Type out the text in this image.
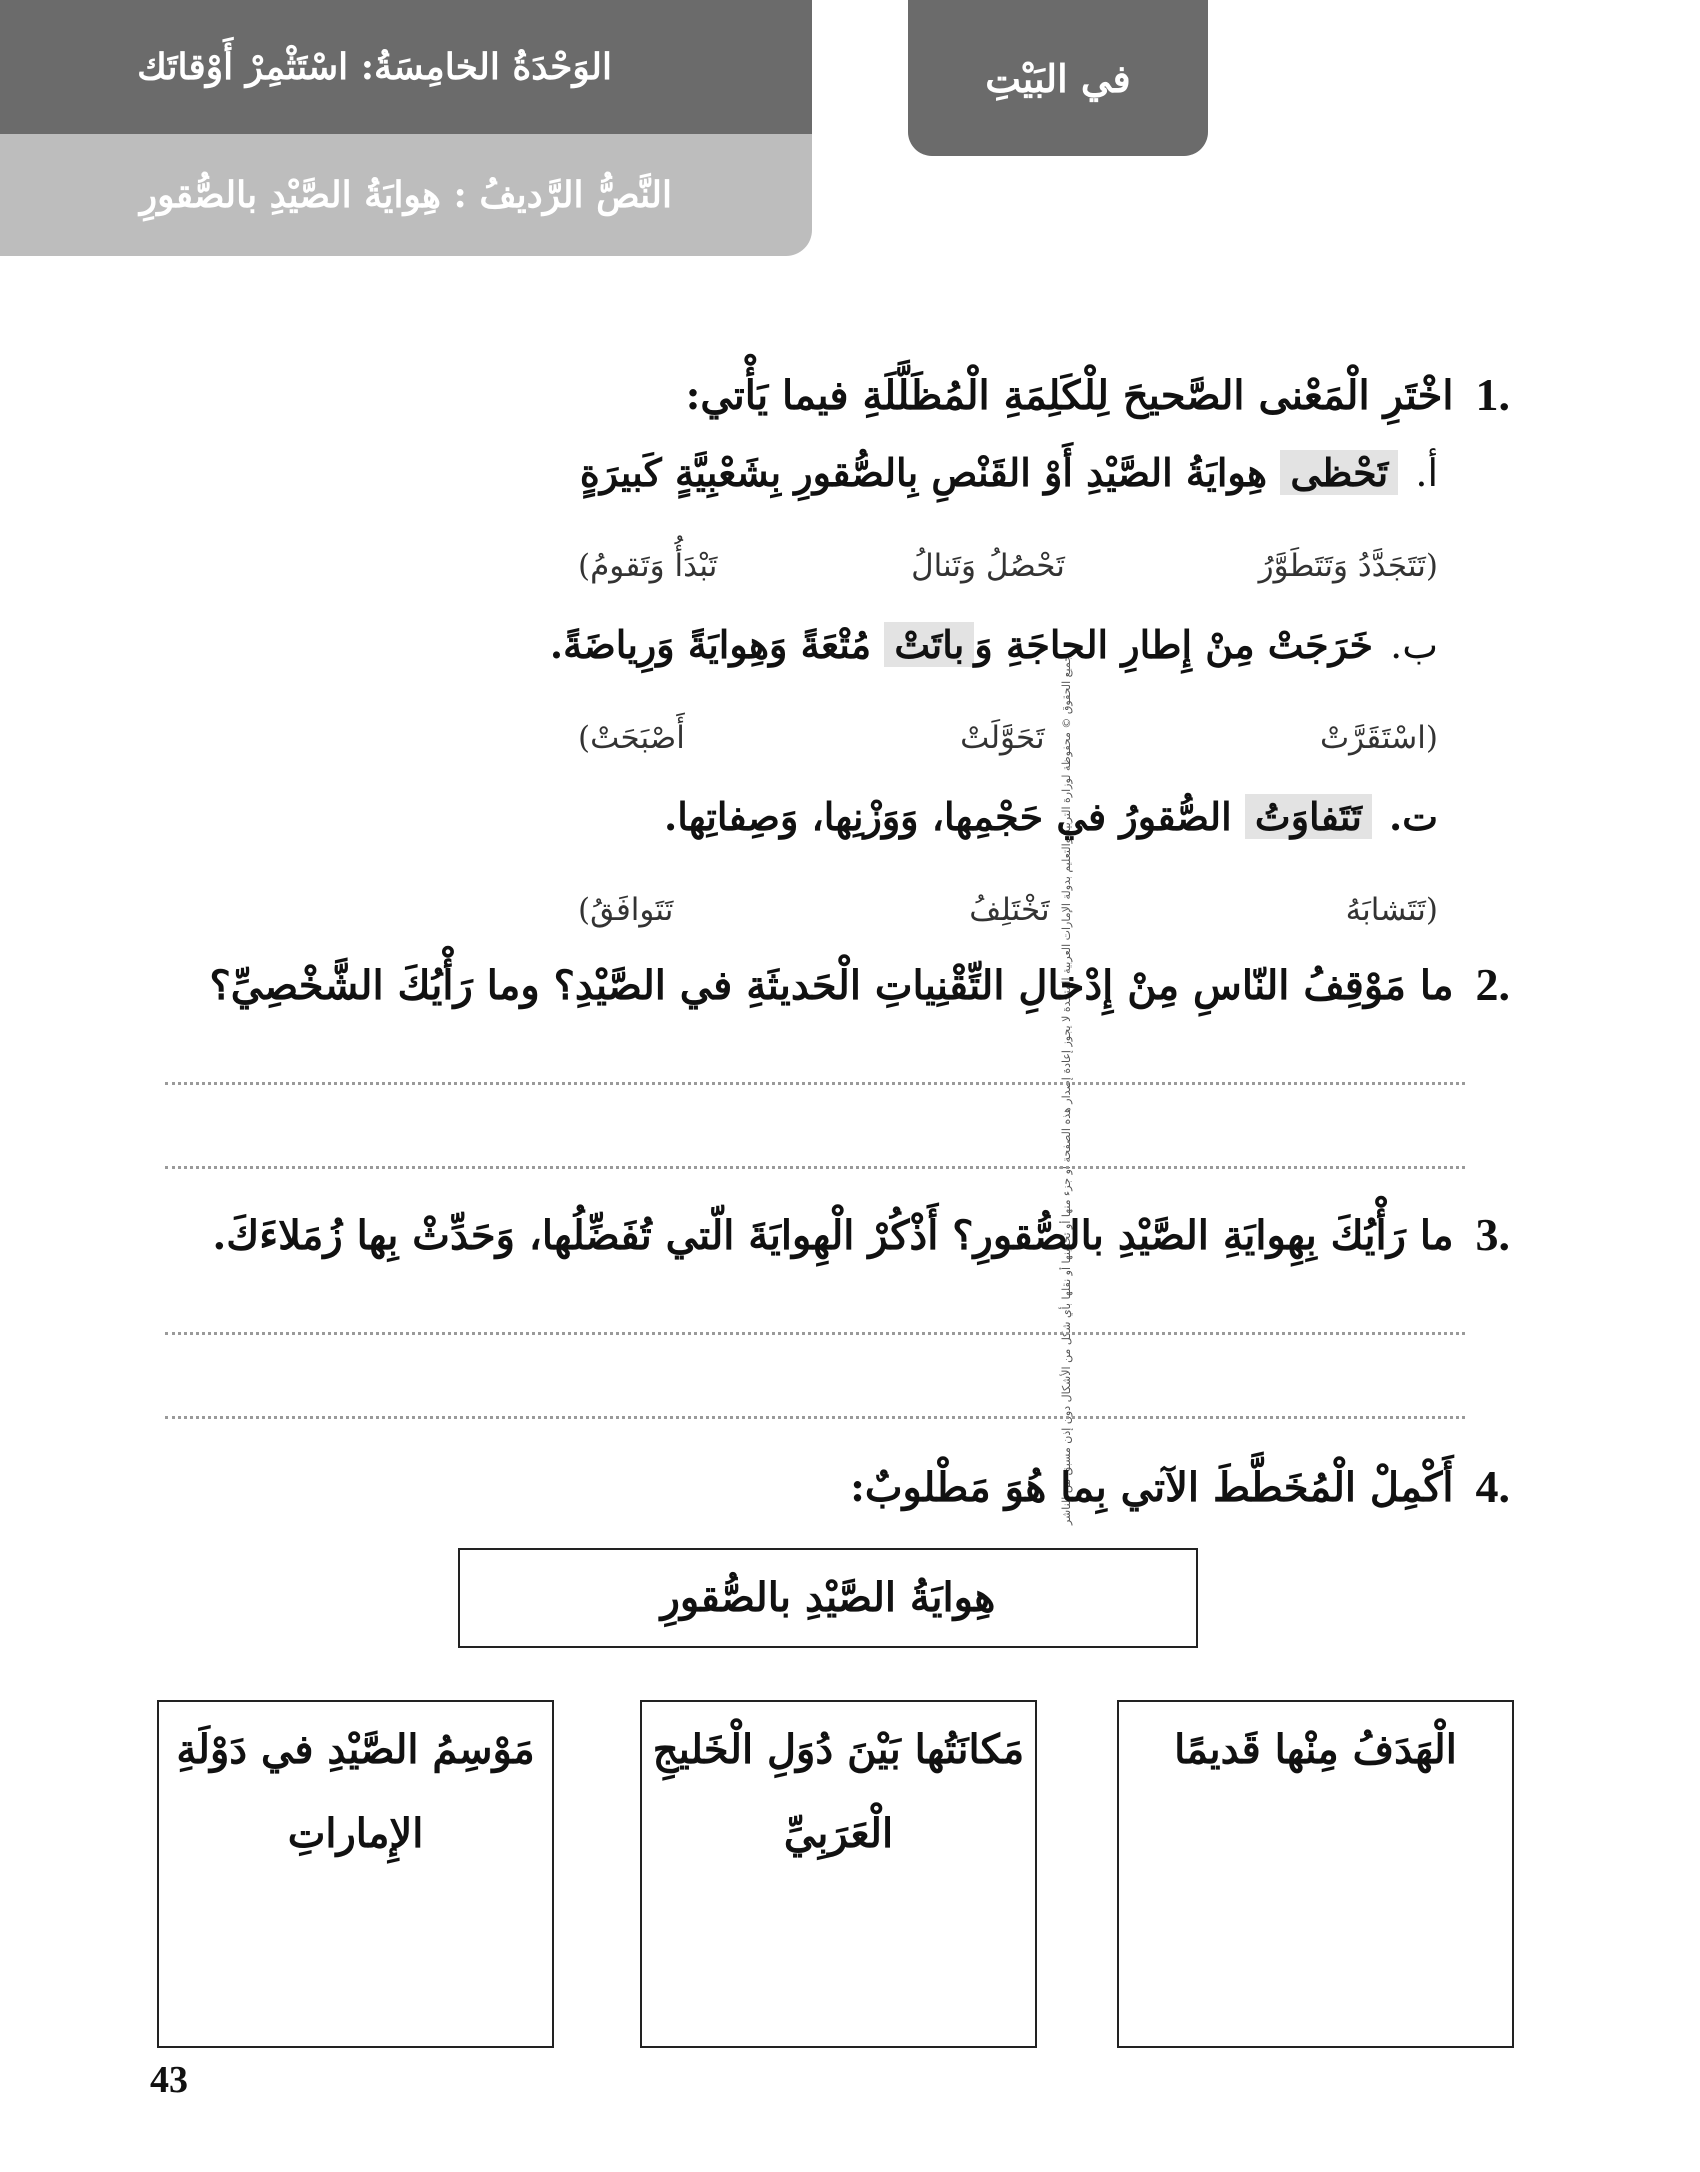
الوَحْدَةُ الخامِسَةُ: اسْتَثْمِرْ أَوْقاتَك
النَّصُّ الرَّديفُ : هِوايَةُ الصَّيْدِ بالصُّقورِ
في البَيْتِ
جميع الحقوق © محفوظة لوزارة التربية والتعليم بدولة الإمارات العربية المتحدة لا يجوز إعادة إصدار هذه الصفحة أو جزء منها أو تخزينها أو نقلها بأي شكل من الأشكال دون إذن مسبق من الناشر
1.
اخْتَرِ الْمَعْنى الصَّحيحَ لِلْكَلِمَةِ الْمُظَلَّلَةِ فيما يَأْتي:
أ. تَحْظى هِوايَةُ الصَّيْدِ أَوْ القَنْصِ بِالصُّقورِ بِشَعْبِيَّةٍ كَبيرَةٍ
(تَتَجَدَّدُ وَتَتَطَوَّرُ
تَحْصُلُ وَتَنالُ
تَبْدَأُ وَتَقومُ)
ب. خَرَجَتْ مِنْ إِطارِ الحاجَةِ وَباتَتْ مُتْعَةً وَهِوايَةً وَرِياضَةً.
(اسْتَقَرَّتْ
تَحَوَّلَتْ
أَصْبَحَتْ)
ت. تَتَفاوَتُ الصُّقورُ في حَجْمِها، وَوَزْنِها، وَصِفاتِها.
(تَتَشابَهُ
تَخْتَلِفُ
تَتَوافَقُ)
2.
ما مَوْقِفُ النّاسِ مِنْ إِدْخالِ التِّقْنِياتِ الْحَديثَةِ في الصَّيْدِ؟ وما رَأْيُكَ الشَّخْصِيِّ؟
3.
ما رَأْيُكَ بِهِوايَةِ الصَّيْدِ بالصُّقورِ؟ أَذْكُرْ الْهِوايَةَ الّتي تُفَضِّلُها، وَحَدِّثْ بِها زُمَلاءَكَ.
4.
أَكْمِلْ الْمُخَطَّطَ الآتي بِما هُوَ مَطْلوبٌ:
هِوايَةُ الصَّيْدِ بالصُّقورِ
الْهَدَفُ مِنْها قَديمًا
مَكانَتُها بَيْنَ دُوَلِ الْخَليجِ الْعَرَبِيِّ
مَوْسِمُ الصَّيْدِ في دَوْلَةِ الإِماراتِ
43
